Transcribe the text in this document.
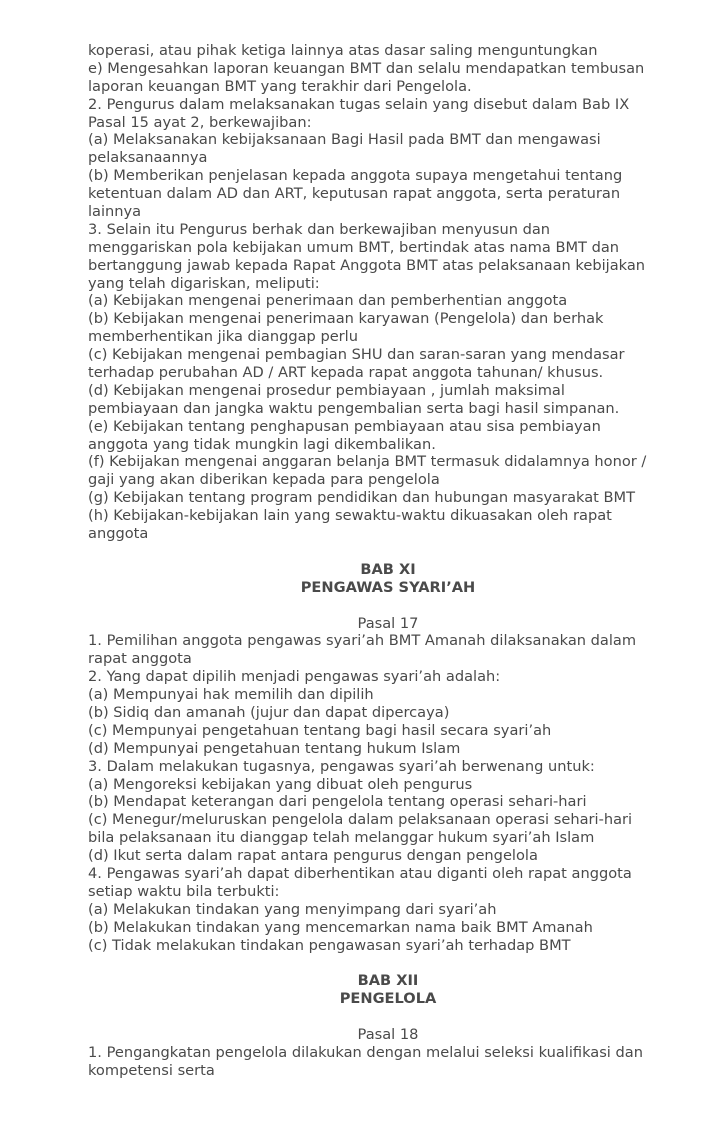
koperasi, atau pihak ketiga lainnya atas dasar saling menguntungkan
e) Mengesahkan laporan keuangan BMT dan selalu mendapatkan tembusan
laporan keuangan BMT yang terakhir dari Pengelola.
2. Pengurus dalam melaksanakan tugas selain yang disebut dalam Bab IX
Pasal 15 ayat 2, berkewajiban:
(a) Melaksanakan kebijaksanaan Bagi Hasil pada BMT dan mengawasi
pelaksanaannya
(b) Memberikan penjelasan kepada anggota supaya mengetahui tentang
ketentuan dalam AD dan ART, keputusan rapat anggota, serta peraturan
lainnya
3. Selain itu Pengurus berhak dan berkewajiban menyusun dan
menggariskan pola kebijakan umum BMT, bertindak atas nama BMT dan
bertanggung jawab kepada Rapat Anggota BMT atas pelaksanaan kebijakan
yang telah digariskan, meliputi:
(a) Kebijakan mengenai penerimaan dan pemberhentian anggota
(b) Kebijakan mengenai penerimaan karyawan (Pengelola) dan berhak
memberhentikan jika dianggap perlu
(c) Kebijakan mengenai pembagian SHU dan saran-saran yang mendasar
terhadap perubahan AD / ART kepada rapat anggota tahunan/ khusus.
(d) Kebijakan mengenai prosedur pembiayaan , jumlah maksimal
pembiayaan dan jangka waktu pengembalian serta bagi hasil simpanan.
(e) Kebijakan tentang penghapusan pembiayaan atau sisa pembiayan
anggota yang tidak mungkin lagi dikembalikan.
(f) Kebijakan mengenai anggaran belanja BMT termasuk didalamnya honor /
gaji yang akan diberikan kepada para pengelola
(g) Kebijakan tentang program pendidikan dan hubungan masyarakat BMT
(h) Kebijakan-kebijakan lain yang sewaktu-waktu dikuasakan oleh rapat
anggota
BAB XI
PENGAWAS SYARI’AH
Pasal 17
1. Pemilihan anggota pengawas syari’ah BMT Amanah dilaksanakan dalam
rapat anggota
2. Yang dapat dipilih menjadi pengawas syari’ah adalah:
(a) Mempunyai hak memilih dan dipilih
(b) Sidiq dan amanah (jujur dan dapat dipercaya)
(c) Mempunyai pengetahuan tentang bagi hasil secara syari’ah
(d) Mempunyai pengetahuan tentang hukum Islam
3. Dalam melakukan tugasnya, pengawas syari’ah berwenang untuk:
(a) Mengoreksi kebijakan yang dibuat oleh pengurus
(b) Mendapat keterangan dari pengelola tentang operasi sehari-hari
(c) Menegur/meluruskan pengelola dalam pelaksanaan operasi sehari-hari
bila pelaksanaan itu dianggap telah melanggar hukum syari’ah Islam
(d) Ikut serta dalam rapat antara pengurus dengan pengelola
4. Pengawas syari’ah dapat diberhentikan atau diganti oleh rapat anggota
setiap waktu bila terbukti:
(a) Melakukan tindakan yang menyimpang dari syari’ah
(b) Melakukan tindakan yang mencemarkan nama baik BMT Amanah
(c) Tidak melakukan tindakan pengawasan syari’ah terhadap BMT
BAB XII
PENGELOLA
Pasal 18
1. Pengangkatan pengelola dilakukan dengan melalui seleksi kualifikasi dan
kompetensi serta
